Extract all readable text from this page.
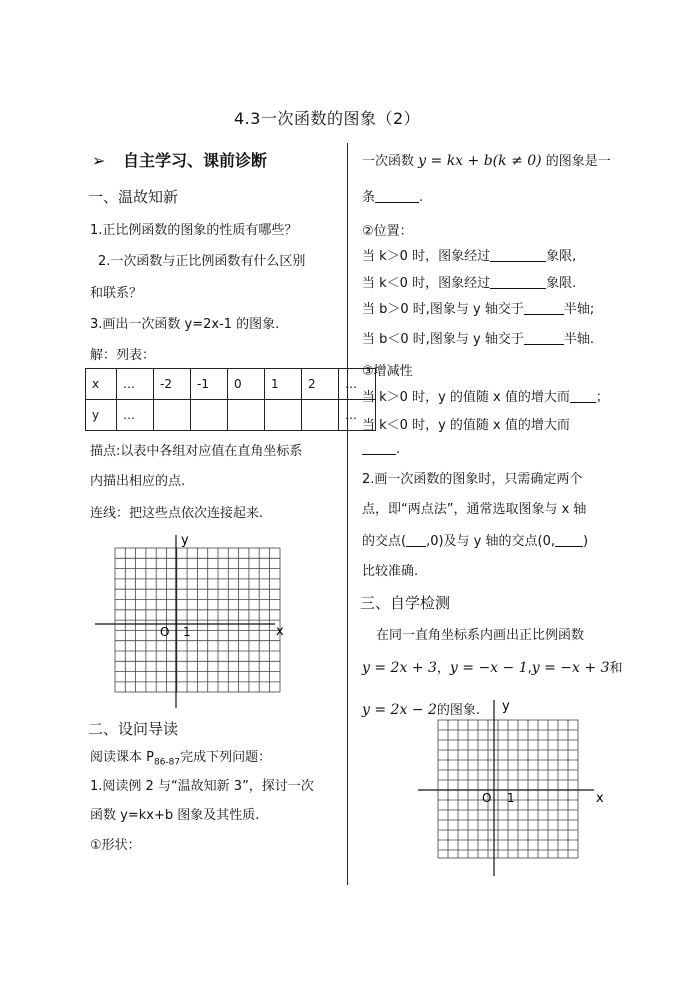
4.3一次函数的图象（2）
➢ 自主学习、课前诊断
一、温故知新
1.正比例函数的图象的性质有哪些？
2.一次函数与正比例函数有什么区别
和联系？
3.画出一次函数 y=2x-1 的图象.
解：列表：
x	…	-2	-1	0	1	2	…
y	…						…
描点:以表中各组对应值在直角坐标系
内描出相应的点.
连线：把这些点依次连接起来.
x
y
O 1
二、设问导读
阅读课本 $P_{86-87}$完成下列问题：
1.阅读例 2 与“温故知新 3”，探讨一次
函数 y=kx+b 图象及其性质.
①形状：
一次函数 y = kx + b(k ≠ 0) 的图象是一
条	.
②位置：
当 k＞0 时，图象经过	象限,
当 k＜0 时，图象经过	象限.
当 b＞0 时,图象与 y 轴交于	半轴;
当 b＜0 时,图象与 y 轴交于	半轴.
③增减性
当 k＞0 时，y 的值随 x 值的增大而 ；
当 k＜0 时，y 的值随 x 值的增大而
.
2.画一次函数的图象时，只需确定两个
点，即“两点法”，通常选取图象与 x 轴
的交点( ,0)及与 y 轴的交点(0, )
比较准确.
三、自学检测
在同一直角坐标系内画出正比例函数
y = 2x + 3，y = −x − 1,y = −x + 3和
y = 2x − 2的图象.
x
y
O 1
